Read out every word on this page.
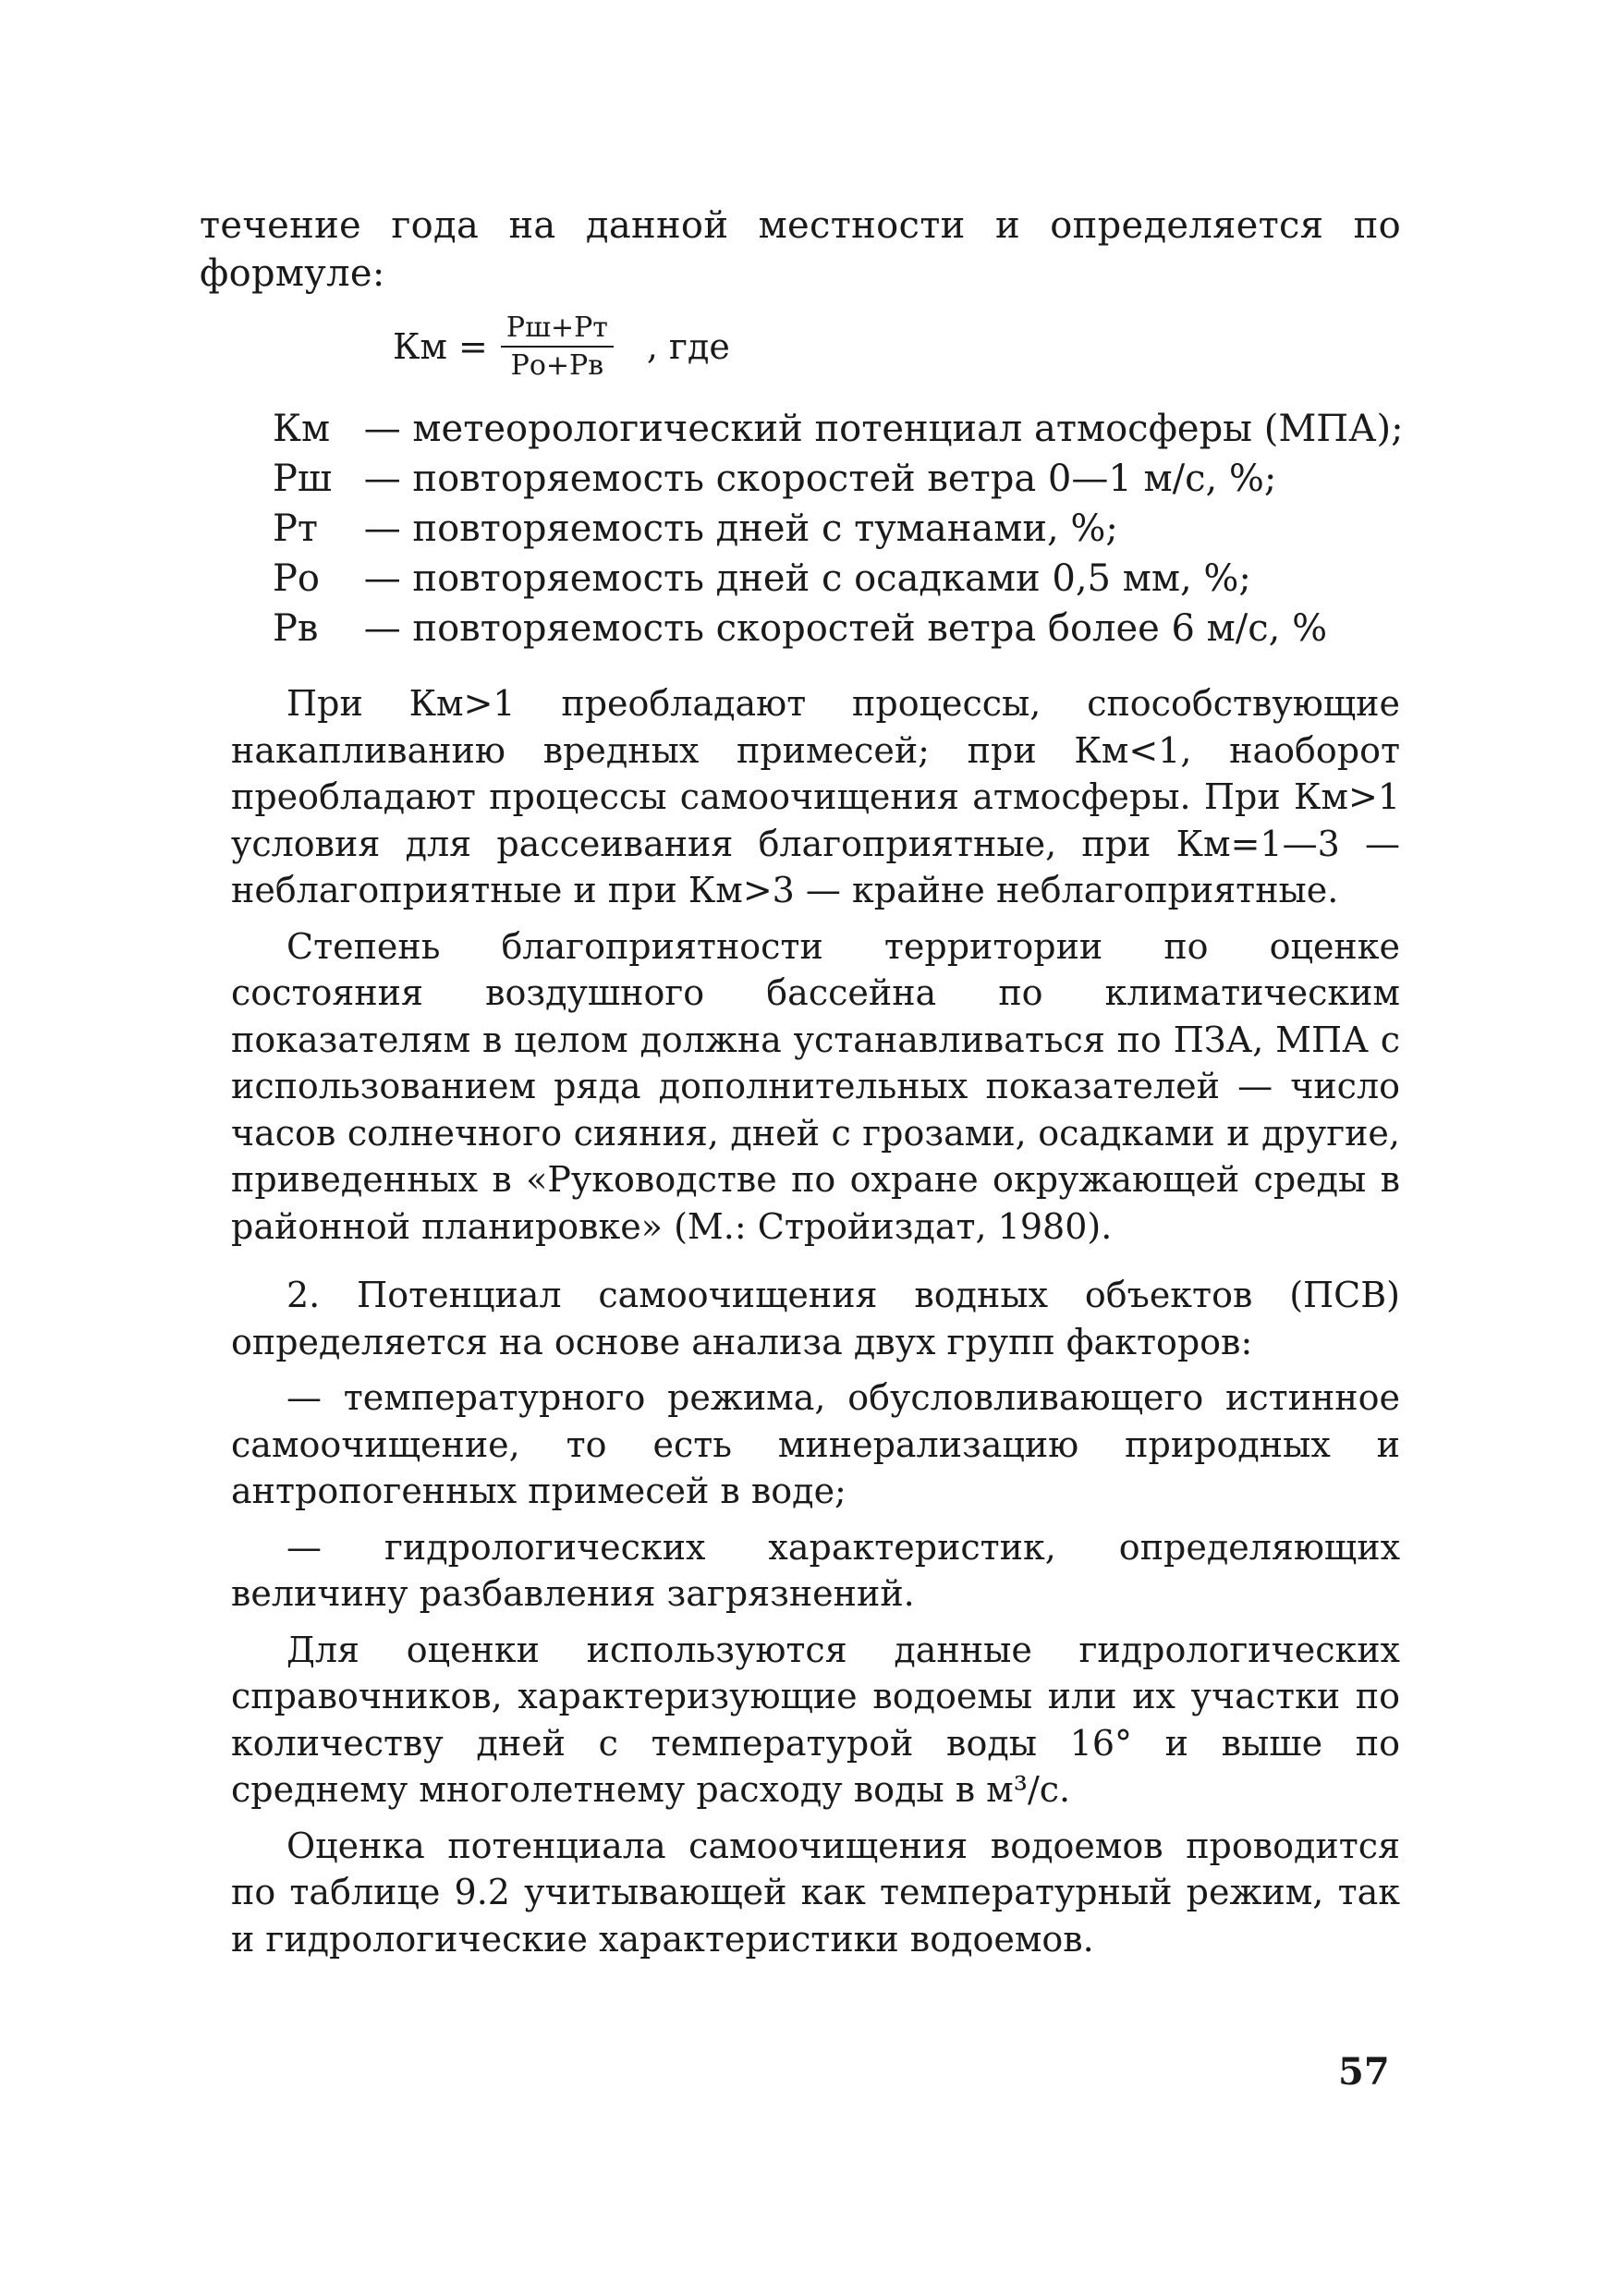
течение года на данной местности и определяется по формуле:

Км = $\frac{Рш+Рт}{Ро+Рв}$ , где
Км — метеорологический потенциал атмосферы (МПА);
Рш — повторяемость скоростей ветра 0—1 м/с, %;
Рт — повторяемость дней с туманами, %;
Ро — повторяемость дней с осадками 0,5 мм, %;
Рв — повторяемость скоростей ветра более 6 м/с, %

При Км>1 преобладают процессы, способствующие накапливанию вредных примесей; при Км<1, наоборот преобладают процессы самоочищения атмосферы. При Км>1 условия для рассеивания благоприятные, при Км=1—3 — неблагоприятные и при Км>3 — крайне неблагоприятные.

Степень благоприятности территории по оценке состояния воздушного бассейна по климатическим показателям в целом должна устанавливаться по ПЗА, МПА с использованием ряда дополнительных показателей — число часов солнечного сияния, дней с грозами, осадками и другие, приведенных в «Руководстве по охране окружающей среды в районной планировке» (М.: Стройиздат, 1980).

2. Потенциал самоочищения водных объектов (ПСВ) определяется на основе анализа двух групп факторов:

— температурного режима, обусловливающего истинное самоочищение, то есть минерализацию природных и антропогенных примесей в воде;

— гидрологических характеристик, определяющих величину разбавления загрязнений.

Для оценки используются данные гидрологических справочников, характеризующие водоемы или их участки по количеству дней с температурой воды 16° и выше по среднему многолетнему расходу воды в м³/с.

Оценка потенциала самоочищения водоемов проводится по таблице 9.2 учитывающей как температурный режим, так и гидрологические характеристики водоемов.

57
